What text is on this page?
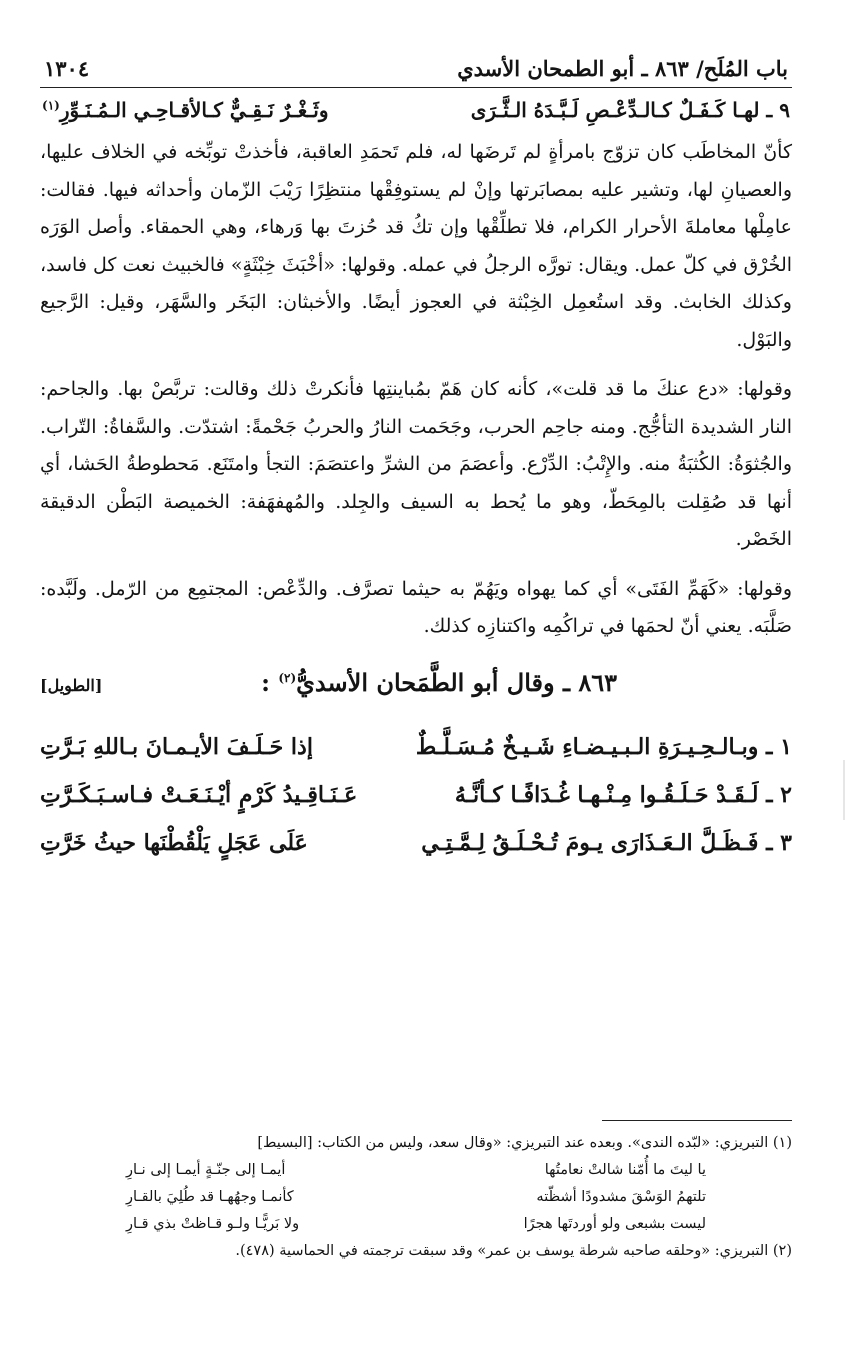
باب المُلَح/ ٨٦٣ ـ أبو الطمحان الأسدي
١٣٠٤
٩ ـ لهـا كَـفَـلٌ كـالـدِّعْـصِ لَـبَّـدَهُ الـثَّـرَى
وثَـغْـرٌ نَـقِـيٌّ كـالأقـاحِـي الـمُـنَـوِّرِ$^{(١)}$

كأنّ المخاطَب كان تزوّج بامرأةٍ لم تَرضَها له، فلم تَحمَدِ العاقبة، فأخذتْ توبِّخه في الخلاف عليها، والعصيانِ لها، وتشير عليه بمصابَرتها وإنْ لم يستوفِقْها منتظِرًا رَيْبَ الزّمان وأحداثه فيها. فقالت: عامِلْها معاملةَ الأحرار الكرام، فلا تطلِّقْها وإن تكُ قد حُزتَ بها وَرهاء، وهي الحمقاء. وأصل الوَرَه الخُرْق في كلّ عمل. ويقال: تورَّه الرجلُ في عمله. وقولها: «أخْبَثَ خِبْثَةٍ» فالخبيث نعت كل فاسد، وكذلك الخابث. وقد استُعمِل الخِبْثة في العجوز أيضًا. والأخبثان: البَخَر والسَّهَر، وقيل: الرَّجيع والبَوْل.

وقولها: «دع عنكَ ما قد قلت»، كأنه كان هَمّ بمُباينتِها فأنكرتْ ذلك وقالت: تربَّصْ بها. والجاحم: النار الشديدة التأجُّج. ومنه جاحِم الحرب، وجَحَمت النارُ والحربُ جَحْمةً: اشتدّت. والسَّفاةُ: التّراب. والجُثوَةُ: الكُثبَةُ منه. والإِتْبُ: الدِّرْع. وأعصَمَ من الشرِّ واعتصَمَ: التجأ وامتَنَع. مَحطوطةُ الحَشا، أي أنها قد صُقِلت بالمِحَطّ، وهو ما يُحط به السيف والجِلد. والمُهفهَفة: الخميصة البَطْن الدقيقة الخَصْر.

وقولها: «كَهَمِّ الفَتَى» أي كما يهواه ويَهُمّ به حيثما تصرَّف. والدِّعْص: المجتمِع من الرّمل. ولَبَّده: صَلَّبَه. يعني أنّ لحمَها في تراكُمِه واكتنازِه كذلك.

٨٦٣ ـ وقال أبو الطَّمَحان الأسديُّ$^{(٢)}$ :
[الطويل]
١ ـ وبـالـحِـيـرَةِ الـبـيـضـاءِ شَـيـخٌ مُـسَـلَّـطٌ
إذا حَـلَـفَ الأيـمـانَ بـاللهِ بَـرَّتِ
٢ ـ لَـقَـدْ حَـلَـقُـوا مِـنْـهـا غُـدَافًـا كـأنَّـهُ
عَـنَـاقِـيدُ كَرْمٍ أيْـنَـعَـتْ فـاسـبَـكَـرَّتِ
٣ ـ فَـظَـلَّ الـعَـذَارَى يـومَ تُـحْـلَـقُ لِـمَّـتِـي
عَلَى عَجَلٍ يَلْقُطْنَها حيثُ خَرَّتِ
(١) التبريزي: «لبّده الندى». وبعده عند التبريزي: «وقال سعد، وليس من الكتاب: [البسيط]
يا ليتَ ما أُمّنا شالتْ نعامتُها
أيمـا إلى جنّـةٍ أيمـا إلى نـارِ
تلتهمُ الوَسْقَ مشدودًا أشظّته
كأنمـا وجهُهـا قد طُلِيَ بالقـارِ
ليست بشبعى ولو أوردتَها هجرًا
ولا بَريًّـا ولـو قـاظتْ بذي قـارِ
(٢) التبريزي: «وحلقه صاحبه شرطة يوسف بن عمر» وقد سبقت ترجمته في الحماسية (٤٧٨).
